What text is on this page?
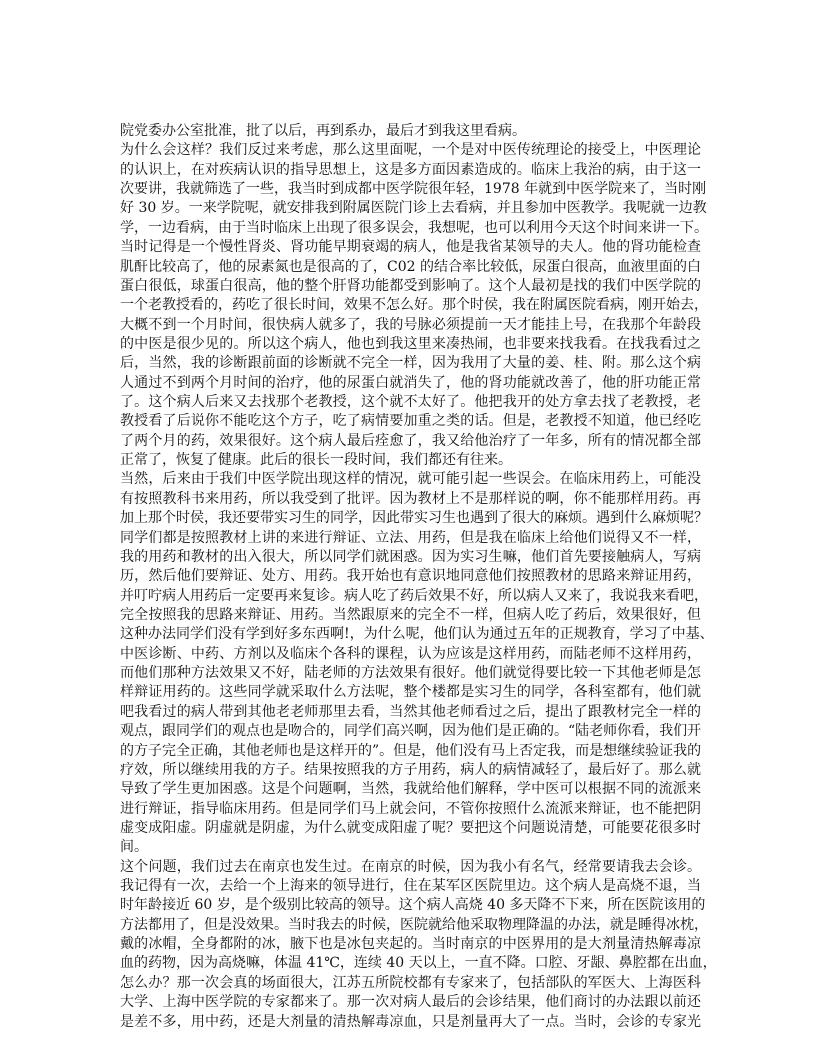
院党委办公室批准，批了以后，再到系办，最后才到我这里看病。
为什么会这样？我们反过来考虑，那么这里面呢，一个是对中医传统理论的接受上，中医理论
的认识上，在对疾病认识的指导思想上，这是多方面因素造成的。临床上我治的病，由于这一
次要讲，我就筛选了一些，我当时到成都中医学院很年轻，1978 年就到中医学院来了，当时刚
好 30 岁。一来学院呢，就安排我到附属医院门诊上去看病，并且参加中医教学。我呢就一边教
学，一边看病，由于当时临床上出现了很多误会，我想呢，也可以利用今天这个时间来讲一下。
当时记得是一个慢性肾炎、肾功能早期衰竭的病人，他是我省某领导的夫人。他的肾功能检查
肌酐比较高了，他的尿素氮也是很高的了，C02 的结合率比较低，尿蛋白很高，血液里面的白
蛋白很低，球蛋白很高，他的整个肝肾功能都受到影响了。这个人最初是找的我们中医学院的
一个老教授看的，药吃了很长时间，效果不怎么好。那个时侯，我在附属医院看病，刚开始去，
大概不到一个月时间，很快病人就多了，我的号脉必须提前一天才能挂上号，在我那个年龄段
的中医是很少见的。所以这个病人，他也到我这里来凑热闹，也非要来找我看。在找我看过之
后，当然，我的诊断跟前面的诊断就不完全一样，因为我用了大量的姜、桂、附。那么这个病
人通过不到两个月时间的治疗，他的尿蛋白就消失了，他的肾功能就改善了，他的肝功能正常
了。这个病人后来又去找那个老教授，这个就不太好了。他把我开的处方拿去找了老教授，老
教授看了后说你不能吃这个方子，吃了病情要加重之类的话。但是，老教授不知道，他已经吃
了两个月的药，效果很好。这个病人最后痊愈了，我又给他治疗了一年多，所有的情况都全部
正常了，恢复了健康。此后的很长一段时间，我们都还有往来。
当然，后来由于我们中医学院出现这样的情况，就可能引起一些误会。在临床用药上，可能没
有按照教科书来用药，所以我受到了批评。因为教材上不是那样说的啊，你不能那样用药。再
加上那个时侯，我还要带实习生的同学，因此带实习生也遇到了很大的麻烦。遇到什么麻烦呢？
同学们都是按照教材上讲的来进行辩证、立法、用药，但是我在临床上给他们说得又不一样，
我的用药和教材的出入很大，所以同学们就困惑。因为实习生嘛，他们首先要接触病人，写病
历，然后他们要辩证、处方、用药。我开始也有意识地同意他们按照教材的思路来辩证用药，
并叮咛病人用药后一定要再来复诊。病人吃了药后效果不好，所以病人又来了，我说我来看吧，
完全按照我的思路来辩证、用药。当然跟原来的完全不一样，但病人吃了药后，效果很好，但
这种办法同学们没有学到好多东西啊!，为什么呢，他们认为通过五年的正规教育，学习了中基、
中医诊断、中药、方剂以及临床个各科的课程，认为应该是这样用药，而陆老师不这样用药，
而他们那种方法效果又不好，陆老师的方法效果有很好。他们就觉得要比较一下其他老师是怎
样辩证用药的。这些同学就采取什么方法呢，整个楼都是实习生的同学，各科室都有，他们就
吧我看过的病人带到其他老老师那里去看，当然其他老师看过之后，提出了跟教材完全一样的
观点，跟同学们的观点也是吻合的，同学们高兴啊，因为他们是正确的。“陆老师你看，我们开
的方子完全正确，其他老师也是这样开的”。但是，他们没有马上否定我，而是想继续验证我的
疗效，所以继续用我的方子。结果按照我的方子用药，病人的病情减轻了，最后好了。那么就
导致了学生更加困惑。这是个问题啊，当然，我就给他们解释，学中医可以根据不同的流派来
进行辩证，指导临床用药。但是同学们马上就会问，不管你按照什么流派来辩证，也不能把阴
虚变成阳虚。阴虚就是阴虚，为什么就变成阳虚了呢？要把这个问题说清楚，可能要花很多时
间。
这个问题，我们过去在南京也发生过。在南京的时候，因为我小有名气，经常要请我去会诊。
我记得有一次，去给一个上海来的领导进行，住在某军区医院里边。这个病人是高烧不退，当
时年龄接近 60 岁，是个级别比较高的领导。这个病人高烧 40 多天降不下来，所在医院该用的
方法都用了，但是没效果。当时我去的时候，医院就给他采取物理降温的办法，就是睡得冰枕，
戴的冰帽，全身都附的冰，腋下也是冰包夹起的。当时南京的中医界用的是大剂量清热解毒凉
血的药物，因为高烧嘛，体温 41℃，连续 40 天以上，一直不降。口腔、牙龈、鼻腔都在出血，
怎么办？那一次会真的场面很大，江苏五所院校都有专家来了，包括部队的军医大、上海医科
大学、上海中医学院的专家都来了。那一次对病人最后的会诊结果，他们商讨的办法跟以前还
是差不多，用中药，还是大剂量的清热解毒凉血，只是剂量再大了一点。当时，会诊的专家光
